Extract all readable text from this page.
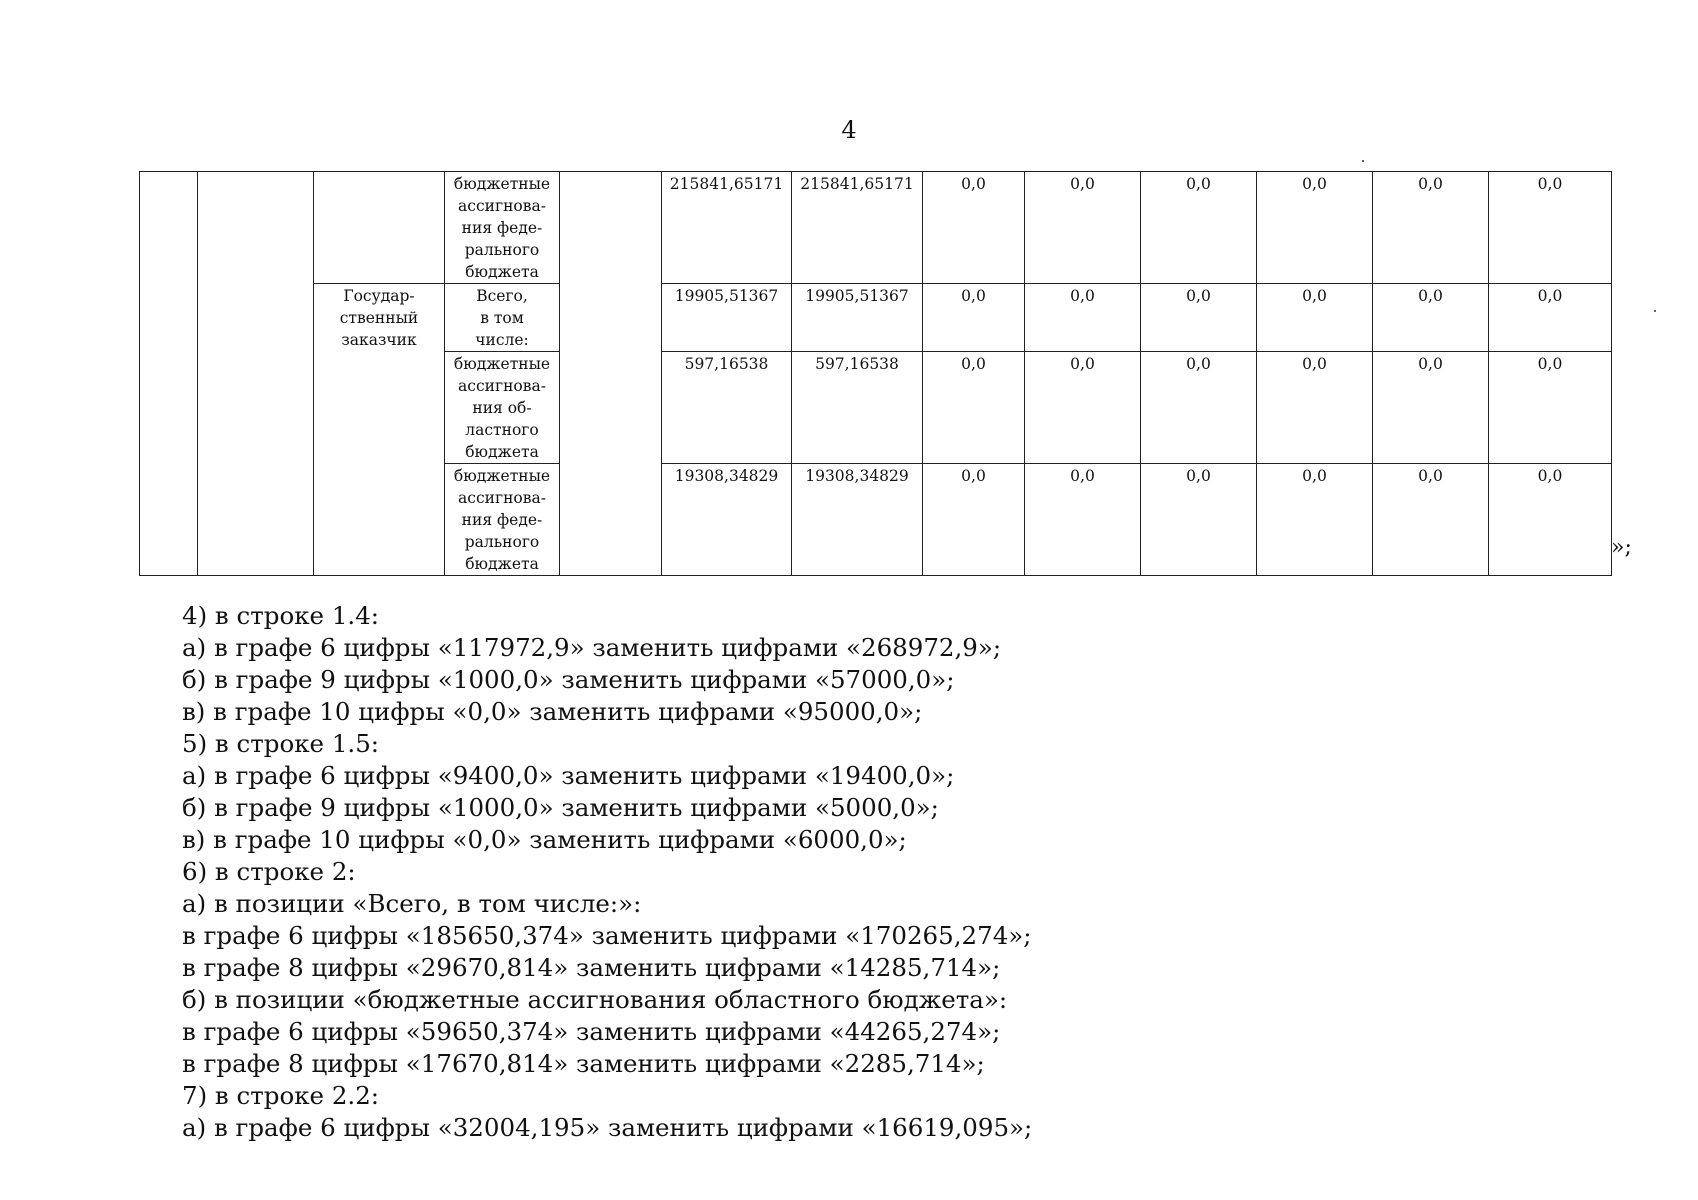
4
			бюджетные
ассигнова-
ния феде-
рального
бюджета		215841,65171	215841,65171	0,0	0,0	0,0	0,0	0,0	0,0
		Государ-
ственный
заказчик	Всего,
в том
числе:		19905,51367	19905,51367	0,0	0,0	0,0	0,0	0,0	0,0
			бюджетные
ассигнова-
ния об-
ластного
бюджета		597,16538	597,16538	0,0	0,0	0,0	0,0	0,0	0,0
			бюджетные
ассигнова-
ния феде-
рального
бюджета		19308,34829	19308,34829	0,0	0,0	0,0	0,0	0,0	0,0
»;
4) в строке 1.4:
а) в графе 6 цифры «117972,9» заменить цифрами «268972,9»;
б) в графе 9 цифры «1000,0» заменить цифрами «57000,0»;
в) в графе 10 цифры «0,0» заменить цифрами «95000,0»;
5) в строке 1.5:
а) в графе 6 цифры «9400,0» заменить цифрами «19400,0»;
б) в графе 9 цифры «1000,0» заменить цифрами «5000,0»;
в) в графе 10 цифры «0,0» заменить цифрами «6000,0»;
6) в строке 2:
а) в позиции «Всего, в том числе:»:
в графе 6 цифры «185650,374» заменить цифрами «170265,274»;
в графе 8 цифры «29670,814» заменить цифрами «14285,714»;
б) в позиции «бюджетные ассигнования областного бюджета»:
в графе 6 цифры «59650,374» заменить цифрами «44265,274»;
в графе 8 цифры «17670,814» заменить цифрами «2285,714»;
7) в строке 2.2:
а) в графе 6 цифры «32004,195» заменить цифрами «16619,095»;
